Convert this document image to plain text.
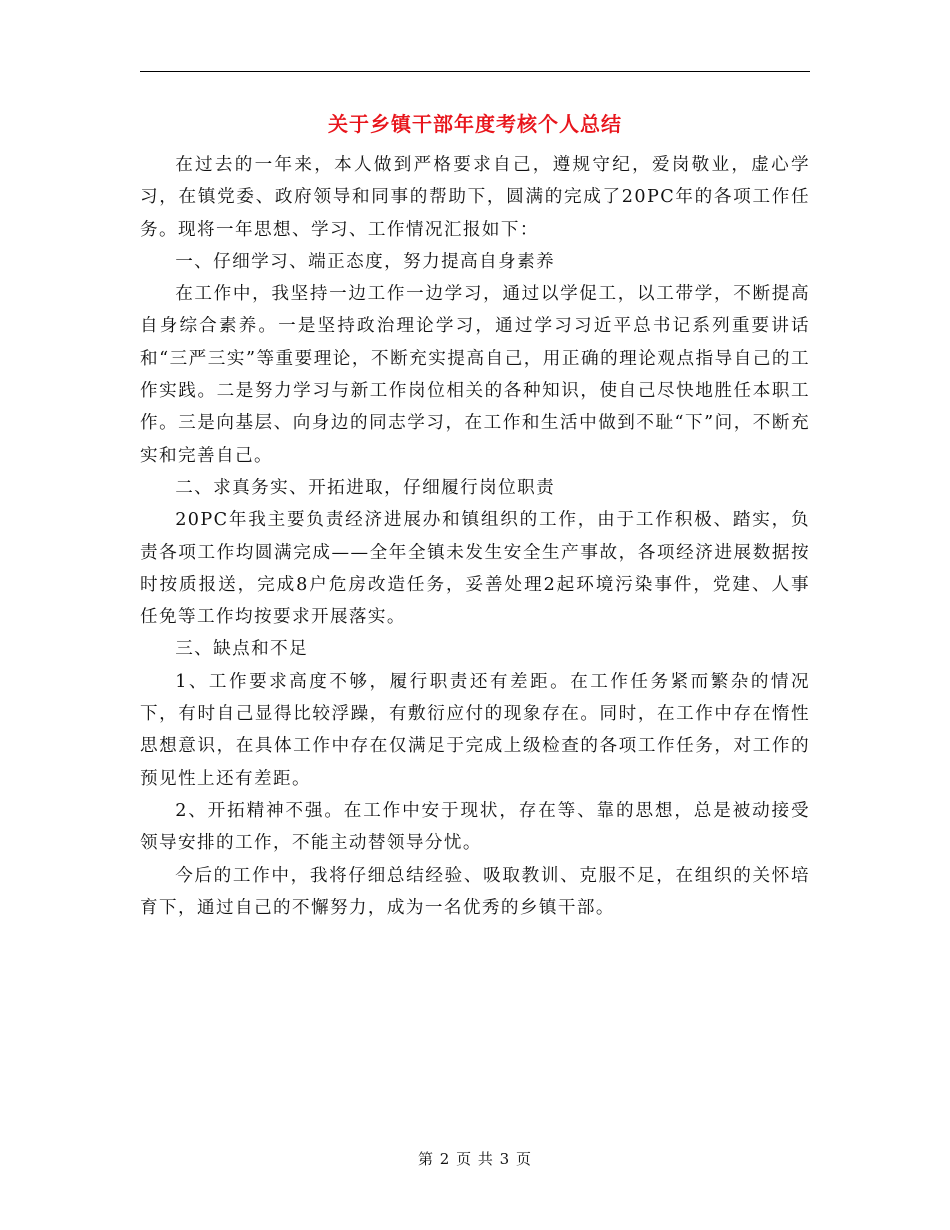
关于乡镇干部年度考核个人总结

在过去的一年来，本人做到严格要求自己，遵规守纪，爱岗敬业，虚心学习，在镇党委、政府领导和同事的帮助下，圆满的完成了20PC年的各项工作任务。现将一年思想、学习、工作情况汇报如下：

一、仔细学习、端正态度，努力提高自身素养

在工作中，我坚持一边工作一边学习，通过以学促工，以工带学，不断提高自身综合素养。一是坚持政治理论学习，通过学习习近平总书记系列重要讲话和“三严三实”等重要理论，不断充实提高自己，用正确的理论观点指导自己的工作实践。二是努力学习与新工作岗位相关的各种知识，使自己尽快地胜任本职工作。三是向基层、向身边的同志学习，在工作和生活中做到不耻“下”问，不断充实和完善自己。

二、求真务实、开拓进取，仔细履行岗位职责

20PC年我主要负责经济进展办和镇组织的工作，由于工作积极、踏实，负责各项工作均圆满完成——全年全镇未发生安全生产事故，各项经济进展数据按时按质报送，完成8户危房改造任务，妥善处理2起环境污染事件，党建、人事任免等工作均按要求开展落实。

三、缺点和不足

1、工作要求高度不够，履行职责还有差距。在工作任务紧而繁杂的情况下，有时自己显得比较浮躁，有敷衍应付的现象存在。同时，在工作中存在惰性思想意识，在具体工作中存在仅满足于完成上级检查的各项工作任务，对工作的预见性上还有差距。

2、开拓精神不强。在工作中安于现状，存在等、靠的思想，总是被动接受领导安排的工作，不能主动替领导分忧。

今后的工作中，我将仔细总结经验、吸取教训、克服不足，在组织的关怀培育下，通过自己的不懈努力，成为一名优秀的乡镇干部。

第 2 页 共 3 页
